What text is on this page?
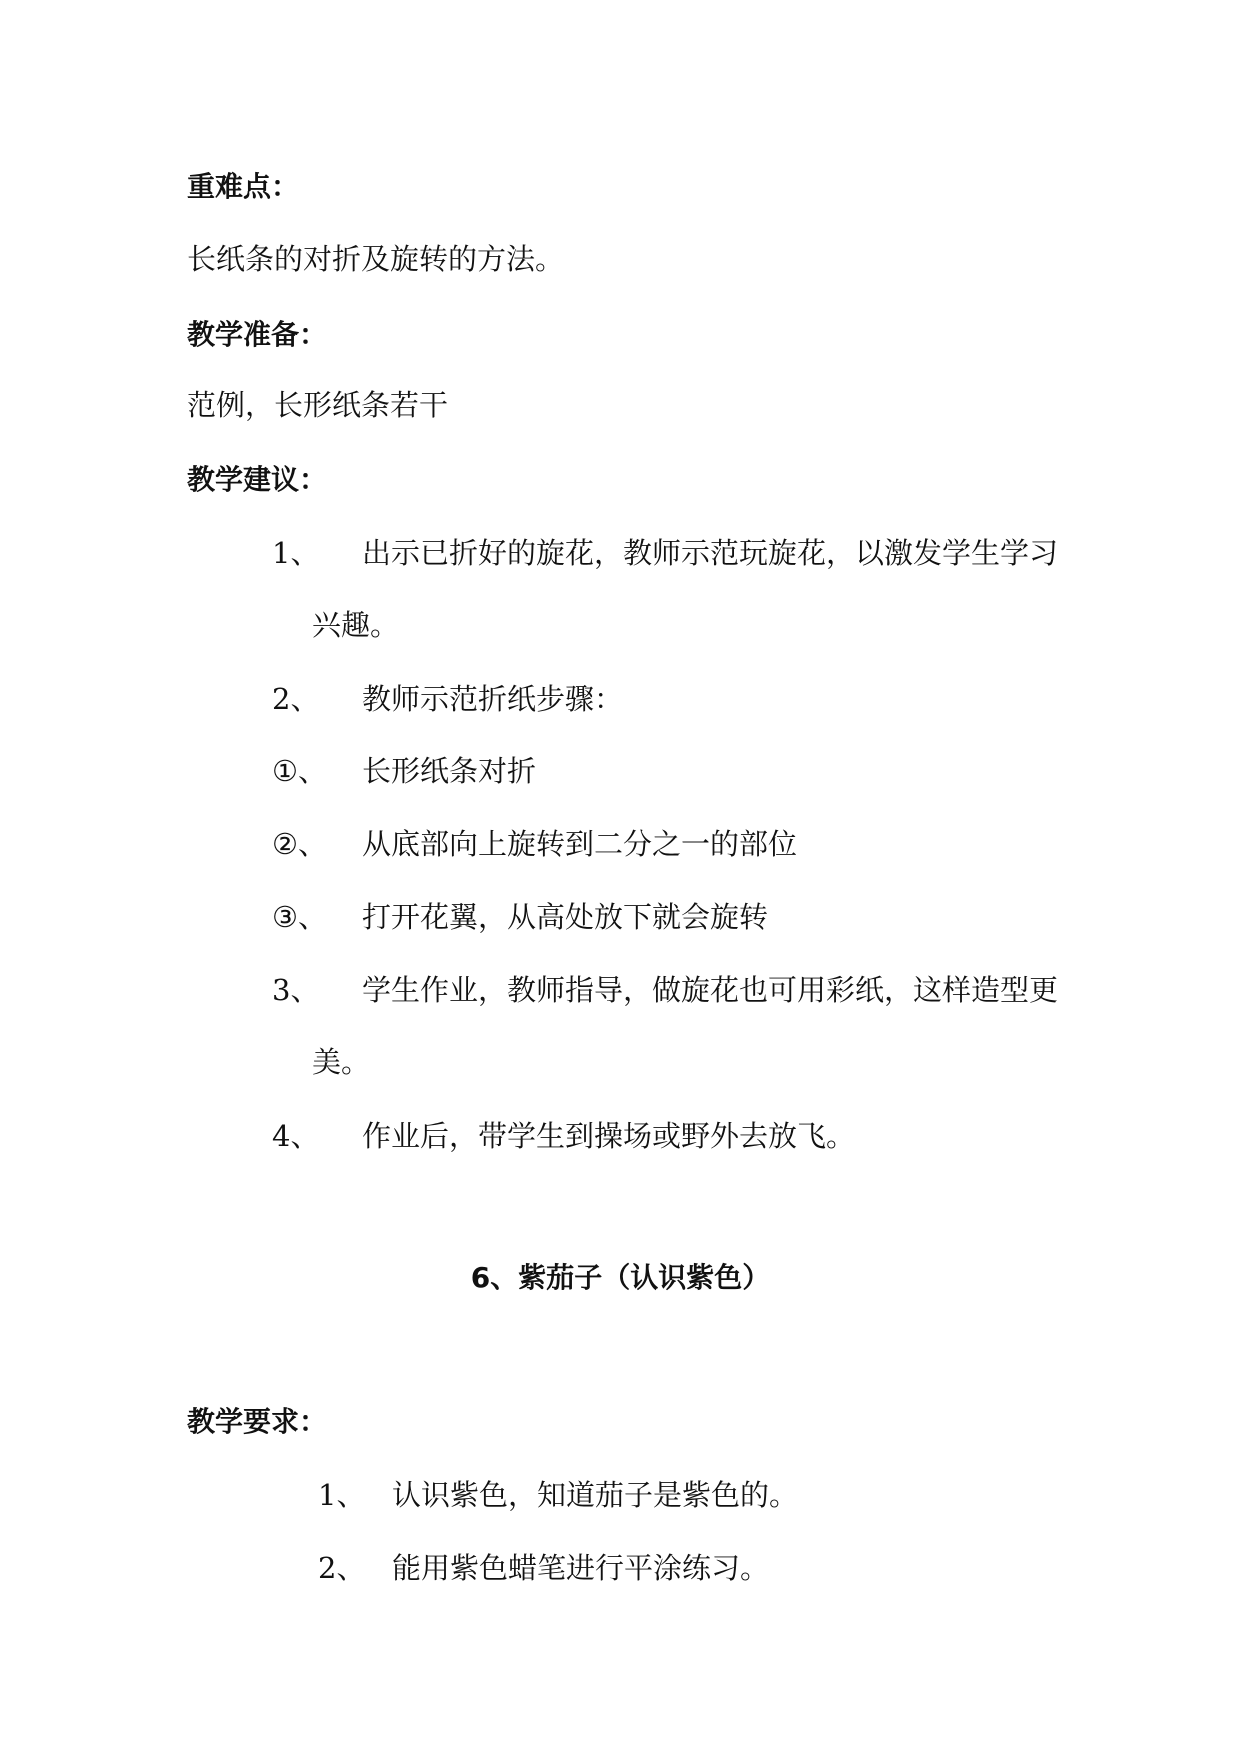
重难点：
长纸条的对折及旋转的方法。
教学准备：
范例，长形纸条若干
教学建议：
1、 出示已折好的旋花，教师示范玩旋花，以激发学生学习
兴趣。
2、 教师示范折纸步骤：
①、 长形纸条对折
②、 从底部向上旋转到二分之一的部位
③、 打开花翼，从高处放下就会旋转
3、 学生作业，教师指导，做旋花也可用彩纸，这样造型更
美。
4、 作业后，带学生到操场或野外去放飞。
6、紫茄子（认识紫色）
教学要求：
1、 认识紫色，知道茄子是紫色的。
2、 能用紫色蜡笔进行平涂练习。
